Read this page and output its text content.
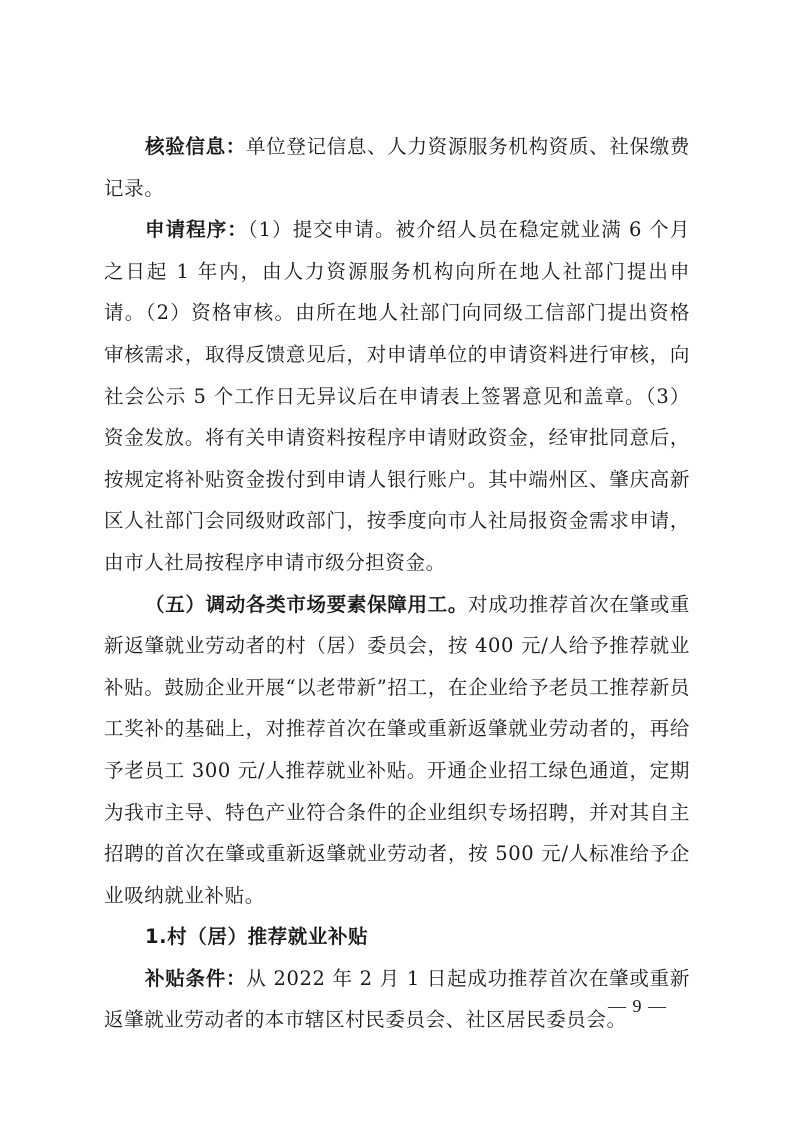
核验信息：单位登记信息、人力资源服务机构资质、社保缴费记录。

申请程序：（1）提交申请。被介绍人员在稳定就业满 6 个月之日起 1 年内，由人力资源服务机构向所在地人社部门提出申请。（2）资格审核。由所在地人社部门向同级工信部门提出资格审核需求，取得反馈意见后，对申请单位的申请资料进行审核，向社会公示 5 个工作日无异议后在申请表上签署意见和盖章。（3）资金发放。将有关申请资料按程序申请财政资金，经审批同意后，按规定将补贴资金拨付到申请人银行账户。其中端州区、肇庆高新区人社部门会同级财政部门，按季度向市人社局报资金需求申请，由市人社局按程序申请市级分担资金。

（五）调动各类市场要素保障用工。对成功推荐首次在肇或重新返肇就业劳动者的村（居）委员会，按 400 元/人给予推荐就业补贴。鼓励企业开展“以老带新”招工，在企业给予老员工推荐新员工奖补的基础上，对推荐首次在肇或重新返肇就业劳动者的，再给予老员工 300 元/人推荐就业补贴。开通企业招工绿色通道，定期为我市主导、特色产业符合条件的企业组织专场招聘，并对其自主招聘的首次在肇或重新返肇就业劳动者，按 500 元/人标准给予企业吸纳就业补贴。

1.村（居）推荐就业补贴

补贴条件：从 2022 年 2 月 1 日起成功推荐首次在肇或重新返肇就业劳动者的本市辖区村民委员会、社区居民委员会。

— 9 —
